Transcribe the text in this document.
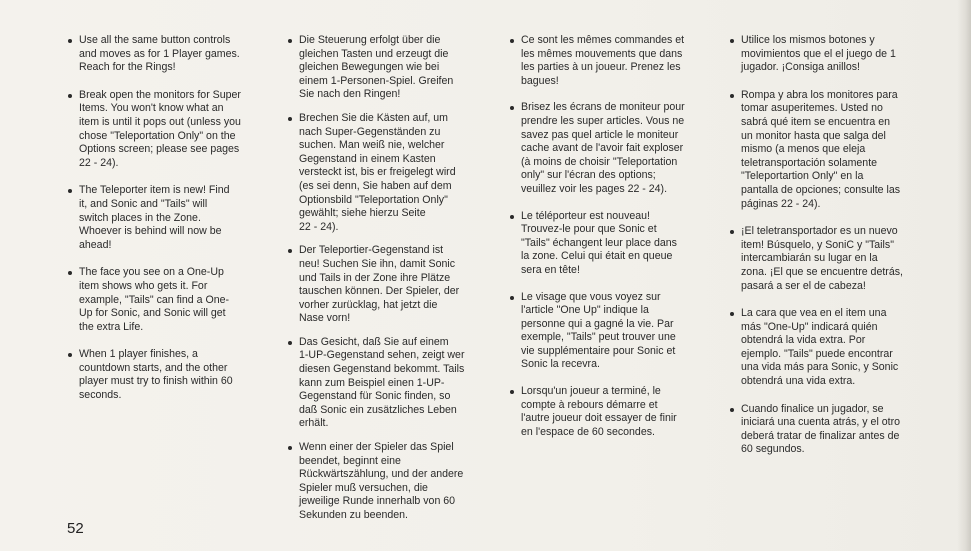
Use all the same button controls
and moves as for 1 Player games.
Reach for the Rings!
Break open the monitors for Super
Items. You won't know what an
item is until it pops out (unless you
chose "Teleportation Only" on the
Options screen; please see pages
22 - 24).
The Teleporter item is new! Find
it, and Sonic and "Tails" will
switch places in the Zone.
Whoever is behind will now be
ahead!
The face you see on a One-Up
item shows who gets it. For
example, "Tails" can find a One-
Up for Sonic, and Sonic will get
the extra Life.
When 1 player finishes, a
countdown starts, and the other
player must try to finish within 60
seconds.
Die Steuerung erfolgt über die
gleichen Tasten und erzeugt die
gleichen Bewegungen wie bei
einem 1-Personen-Spiel. Greifen
Sie nach den Ringen!
Brechen Sie die Kästen auf, um
nach Super-Gegenständen zu
suchen. Man weiß nie, welcher
Gegenstand in einem Kasten
versteckt ist, bis er freigelegt wird
(es sei denn, Sie haben auf dem
Optionsbild "Teleportation Only"
gewählt; siehe hierzu Seite
22 - 24).
Der Teleportier-Gegenstand ist
neu! Suchen Sie ihn, damit Sonic
und Tails in der Zone ihre Plätze
tauschen können. Der Spieler, der
vorher zurücklag, hat jetzt die
Nase vorn!
Das Gesicht, daß Sie auf einem
1-UP-Gegenstand sehen, zeigt wer
diesen Gegenstand bekommt. Tails
kann zum Beispiel einen 1-UP-
Gegenstand für Sonic finden, so
daß Sonic ein zusätzliches Leben
erhält.
Wenn einer der Spieler das Spiel
beendet, beginnt eine
Rückwärtszählung, und der andere
Spieler muß versuchen, die
jeweilige Runde innerhalb von 60
Sekunden zu beenden.
Ce sont les mêmes commandes et
les mêmes mouvements que dans
les parties à un joueur. Prenez les
bagues!
Brisez les écrans de moniteur pour
prendre les super articles. Vous ne
savez pas quel article le moniteur
cache avant de l'avoir fait exploser
(à moins de choisir "Teleportation
only" sur l'écran des options;
veuillez voir les pages 22 - 24).
Le téléporteur est nouveau!
Trouvez-le pour que Sonic et
"Tails" échangent leur place dans
la zone. Celui qui était en queue
sera en tête!
Le visage que vous voyez sur
l'article "One Up" indique la
personne qui a gagné la vie. Par
exemple, "Tails" peut trouver une
vie supplémentaire pour Sonic et
Sonic la recevra.
Lorsqu'un joueur a terminé, le
compte à rebours démarre et
l'autre joueur doit essayer de finir
en l'espace de 60 secondes.
Utilice los mismos botones y
movimientos que el el juego de 1
jugador. ¡Consiga anillos!
Rompa y abra los monitores para
tomar asuperitemes. Usted no
sabrá qué item se encuentra en
un monitor hasta que salga del
mismo (a menos que eleja
teletransportación solamente
"Teleportartion Only" en la
pantalla de opciones; consulte las
páginas 22 - 24).
¡El teletransportador es un nuevo
item! Búsquelo, y SoniC y "Tails"
intercambiarán su lugar en la
zona. ¡El que se encuentre detrás,
pasará a ser el de cabeza!
La cara que vea en el item una
más "One-Up" indicará quién
obtendrá la vida extra. Por
ejemplo. "Tails" puede encontrar
una vida más para Sonic, y Sonic
obtendrá una vida extra.
Cuando finalice un jugador, se
iniciará una cuenta atrás, y el otro
deberá tratar de finalizar antes de
60 segundos.
52
